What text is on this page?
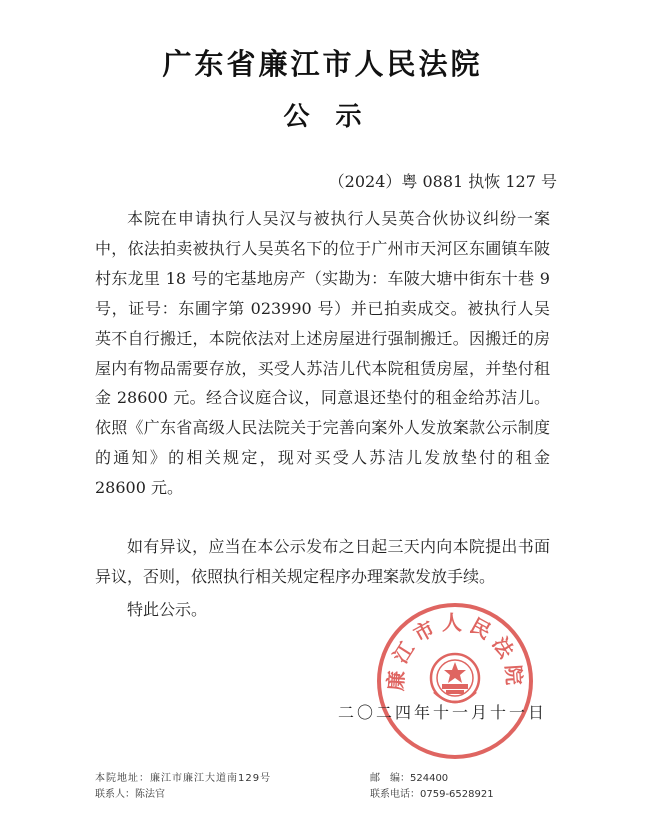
广东省廉江市人民法院
公示
（2024）粤 0881 执恢 127 号
本院在申请执行人吴汉与被执行人吴英合伙协议纠纷一案中，依法拍卖被执行人吴英名下的位于广州市天河区东圃镇车陂村东龙里 18 号的宅基地房产（实勘为：车陂大塘中街东十巷 9 号，证号：东圃字第 023990 号）并已拍卖成交。被执行人吴英不自行搬迁，本院依法对上述房屋进行强制搬迁。因搬迁的房屋内有物品需要存放，买受人苏洁儿代本院租赁房屋，并垫付租金 28600 元。经合议庭合议，同意退还垫付的租金给苏洁儿。依照《广东省高级人民法院关于完善向案外人发放案款公示制度的通知》的相关规定，现对买受人苏洁儿发放垫付的租金 28600 元。
如有异议，应当在本公示发布之日起三天内向本院提出书面异议，否则，依照执行相关规定程序办理案款发放手续。
特此公示。
廉江市人民法院
二〇二四年十一月十一日
本院地址：廉江市廉江大道南129号	邮　编：524400
联系人：陈法官	联系电话：0759-6528921
